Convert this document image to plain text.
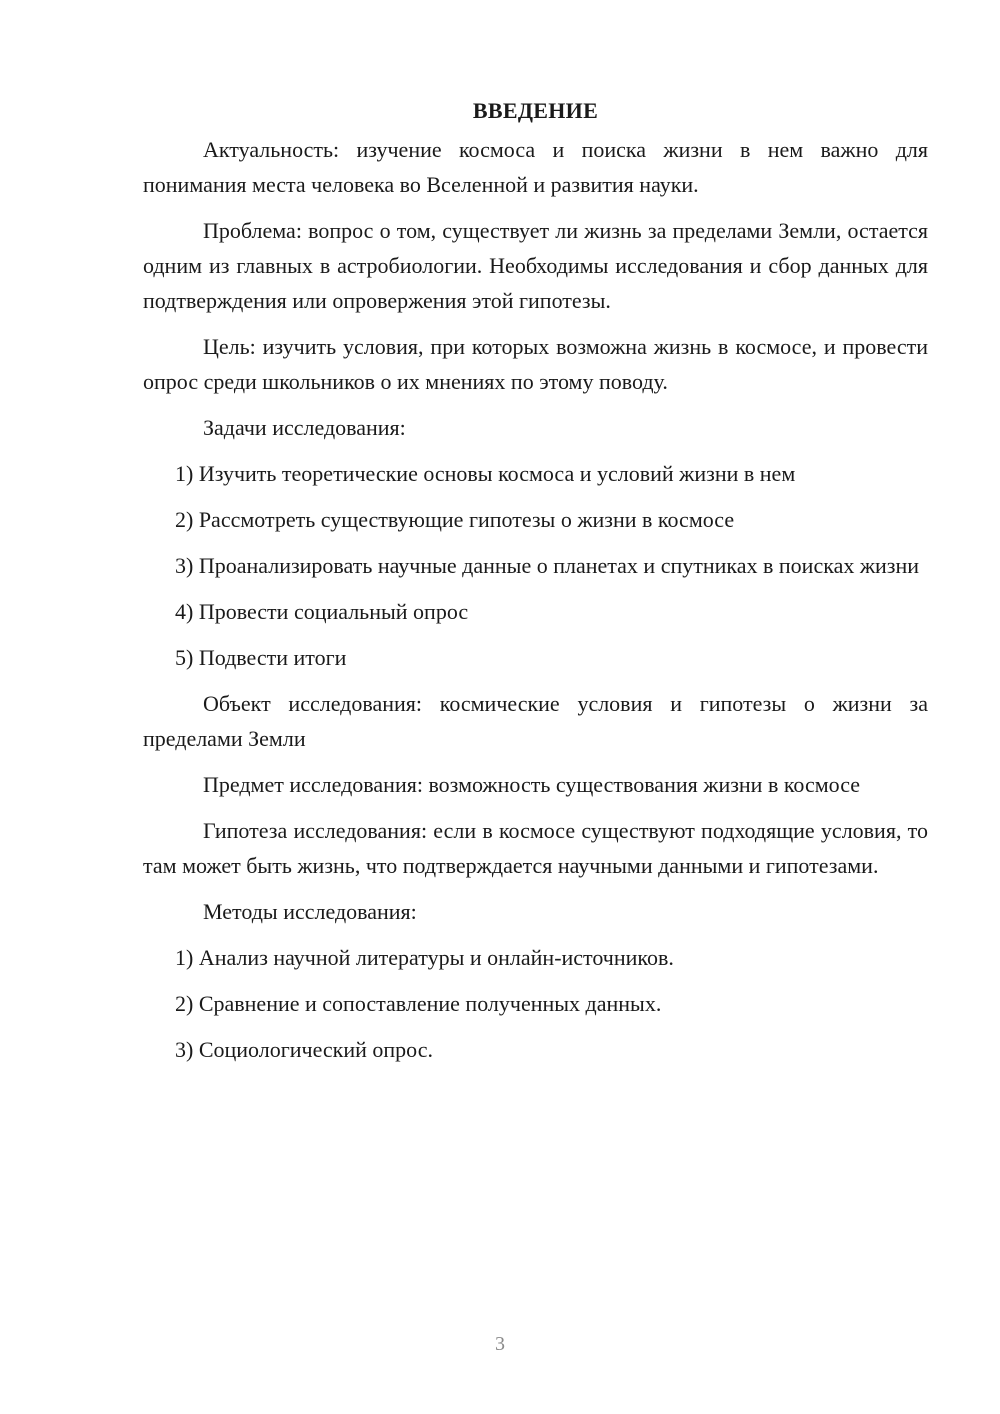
ВВЕДЕНИЕ

Актуальность: изучение космоса и поиска жизни в нем важно для понимания места человека во Вселенной и развития науки.

Проблема: вопрос о том, существует ли жизнь за пределами Земли, остается одним из главных в астробиологии. Необходимы исследования и сбор данных для подтверждения или опровержения этой гипотезы.

Цель: изучить условия, при которых возможна жизнь в космосе, и провести опрос среди школьников о их мнениях по этому поводу.

Задачи исследования:

1) Изучить теоретические основы космоса и условий жизни в нем

2) Рассмотреть существующие гипотезы о жизни в космосе

3) Проанализировать научные данные о планетах и спутниках в поисках жизни

4) Провести социальный опрос

5) Подвести итоги

Объект исследования: космические условия и гипотезы о жизни за пределами Земли

Предмет исследования: возможность существования жизни в космосе

Гипотеза исследования: если в космосе существуют подходящие условия, то там может быть жизнь, что подтверждается научными данными и гипотезами.

Методы исследования:

1) Анализ научной литературы и онлайн-источников.

2) Сравнение и сопоставление полученных данных.

3) Социологический опрос.

3
